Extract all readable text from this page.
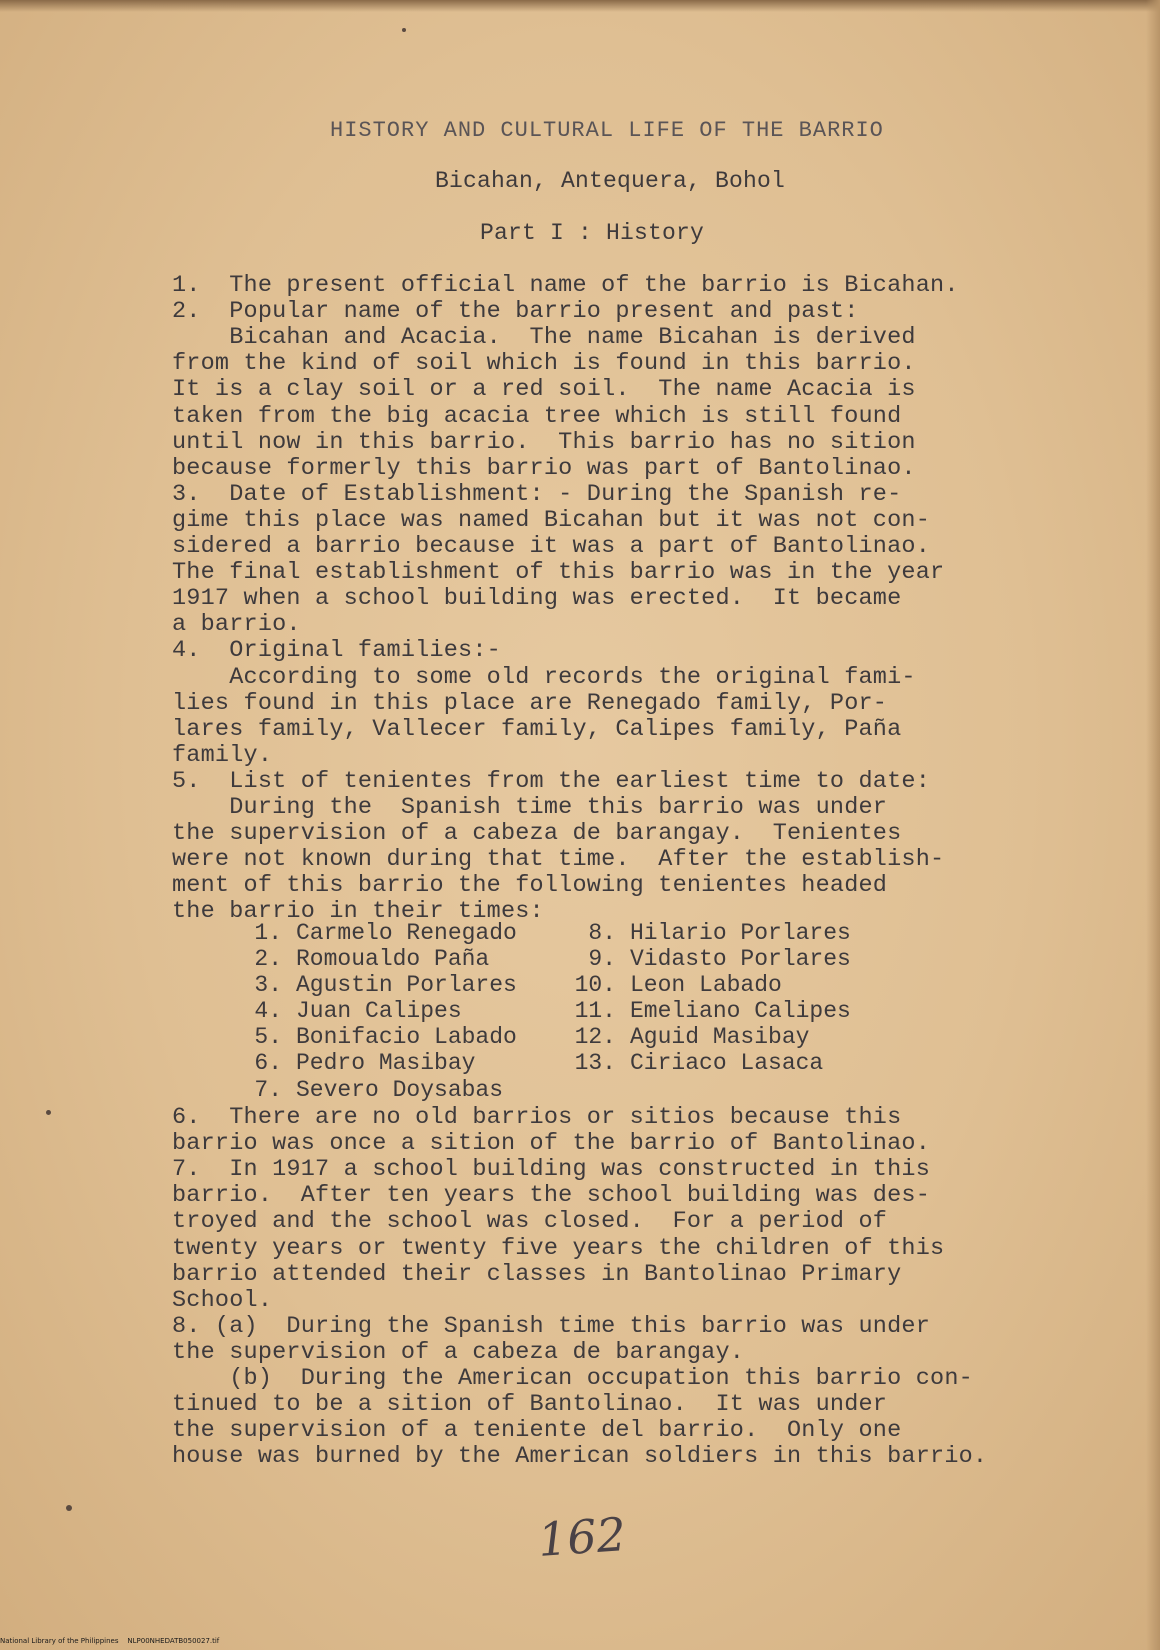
HISTORY AND CULTURAL LIFE OF THE BARRIO
Bicahan, Antequera, Bohol
Part I : History
1.  The present official name of the barrio is Bicahan.
2.  Popular name of the barrio present and past:
Bicahan and Acacia.  The name Bicahan is derived
from the kind of soil which is found in this barrio.
It is a clay soil or a red soil.  The name Acacia is
taken from the big acacia tree which is still found
until now in this barrio.  This barrio has no sition
because formerly this barrio was part of Bantolinao.
3.  Date of Establishment: - During the Spanish re-
gime this place was named Bicahan but it was not con-
sidered a barrio because it was a part of Bantolinao.
The final establishment of this barrio was in the year
1917 when a school building was erected.  It became
a barrio.
4.  Original families:-
According to some old records the original fami-
lies found in this place are Renegado family, Por-
lares family, Vallecer family, Calipes family, Paña
family.
5.  List of tenientes from the earliest time to date:
During the  Spanish time this barrio was under
the supervision of a cabeza de barangay.  Tenientes
were not known during that time.  After the establish-
ment of this barrio the following tenientes headed
the barrio in their times:
1. Carmelo Renegado
2. Romoualdo Paña
3. Agustin Porlares
4. Juan Calipes
5. Bonifacio Labado
6. Pedro Masibay
7. Severo Doysabas
8. Hilario Porlares
9. Vidasto Porlares
10. Leon Labado
11. Emeliano Calipes
12. Aguid Masibay
13. Ciriaco Lasaca
6.  There are no old barrios or sitios because this
barrio was once a sition of the barrio of Bantolinao.
7.  In 1917 a school building was constructed in this
barrio.  After ten years the school building was des-
troyed and the school was closed.  For a period of
twenty years or twenty five years the children of this
barrio attended their classes in Bantolinao Primary
School.
8. (a)  During the Spanish time this barrio was under
the supervision of a cabeza de barangay.
(b)  During the American occupation this barrio con-
tinued to be a sition of Bantolinao.  It was under
the supervision of a teniente del barrio.  Only one
house was burned by the American soldiers in this barrio.
162
National Library of the Philippines    NLP00NHEDATB050027.tif
